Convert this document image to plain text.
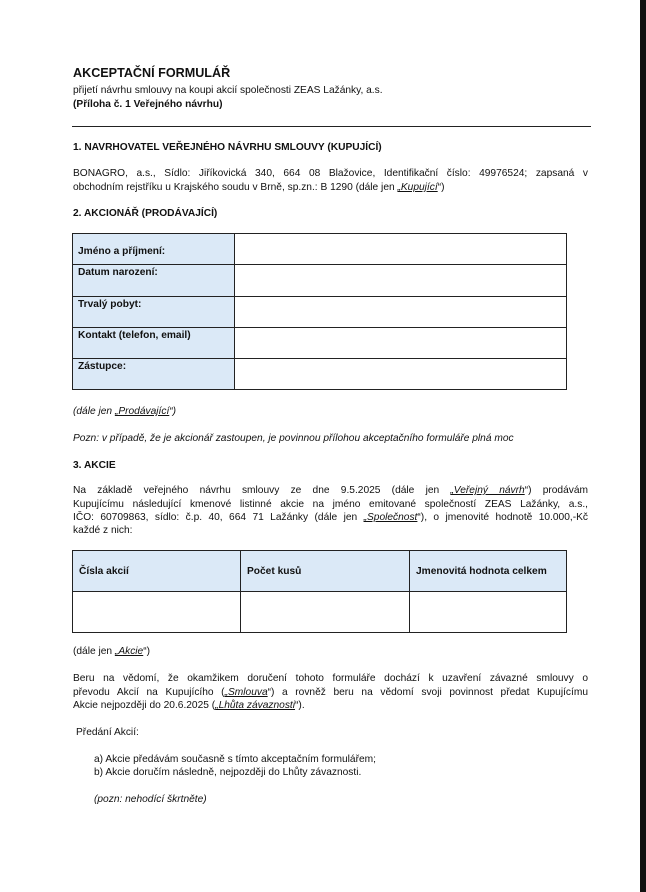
AKCEPTAČNÍ FORMULÁŘ
přijetí návrhu smlouvy na koupi akcií společnosti ZEAS Lažánky, a.s.
(Příloha č. 1 Veřejného návrhu)
1. NAVRHOVATEL VEŘEJNÉHO NÁVRHU SMLOUVY (KUPUJÍCÍ)
BONAGRO, a.s., Sídlo: Jiříkovická 340, 664 08 Blažovice, Identifikační číslo: 49976524; zapsaná v
obchodním rejstříku u Krajského soudu v Brně, sp.zn.: B 1290 (dále jen „Kupující“)
2. AKCIONÁŘ (PRODÁVAJÍCÍ)
Jméno a příjmení:	
Datum narození:	
Trvalý pobyt:	
Kontakt (telefon, email)	
Zástupce:	
(dále jen „Prodávající“)
Pozn: v případě, že je akcionář zastoupen, je povinnou přílohou akceptačního formuláře plná moc
3. AKCIE
Na základě veřejného návrhu smlouvy ze dne 9.5.2025 (dále jen „Veřejný návrh“) prodávám
Kupujícímu následující kmenové listinné akcie na jméno emitované společností ZEAS Lažánky, a.s.,
IČO: 60709863, sídlo: č.p. 40, 664 71 Lažánky (dále jen „Společnost“), o jmenovité hodnotě 10.000,-Kč
každé z nich:
Čísla akcií	Počet kusů	Jmenovitá hodnota celkem

(dále jen „Akcie“)
Beru na vědomí, že okamžikem doručení tohoto formuláře dochází k uzavření závazné smlouvy o
převodu Akcií na Kupujícího („Smlouva“) a rovněž beru na vědomí svoji povinnost předat Kupujícímu
Akcie nejpozději do 20.6.2025 („Lhůta závaznosti“).
Předání Akcií:
a) Akcie předávám současně s tímto akceptačním formulářem;
b) Akcie doručím následně, nejpozději do Lhůty závaznosti.
(pozn: nehodící škrtněte)
